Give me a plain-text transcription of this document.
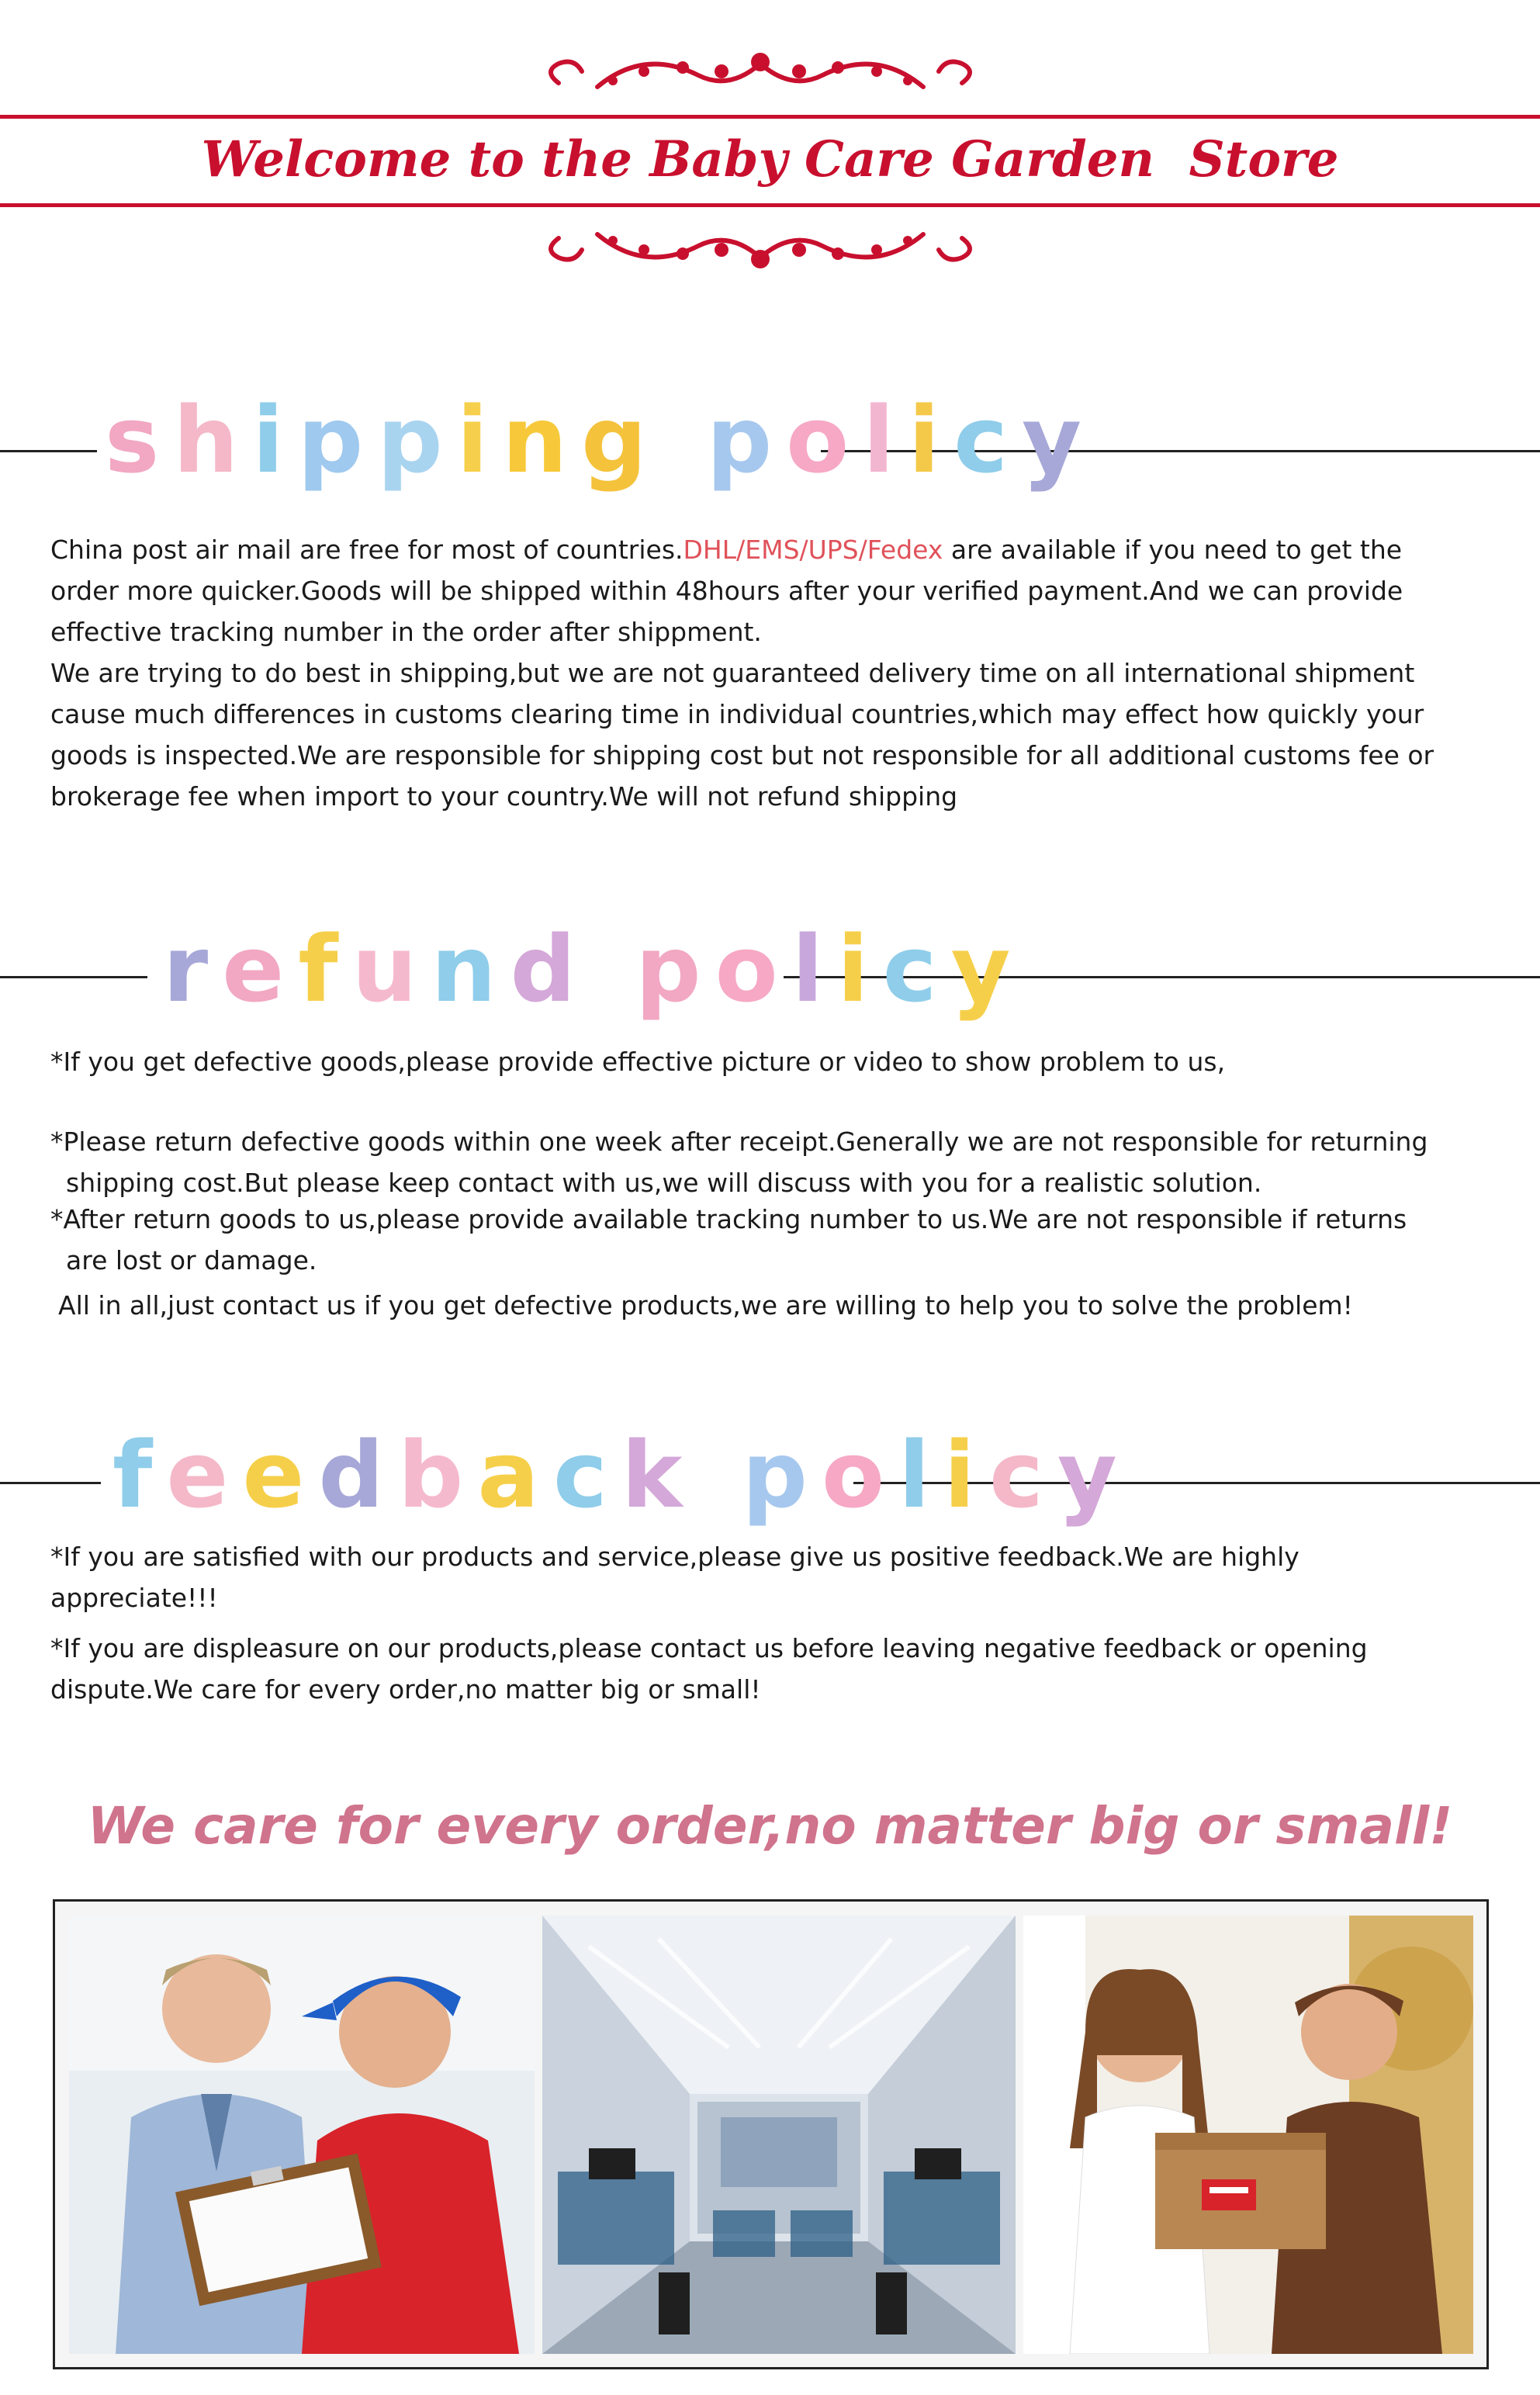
Welcome to the Baby Care Garden  Store
shipping policy
China post air mail are free for most of countries.DHL/EMS/UPS/Fedex are available if you need to get the
order more quicker.Goods will be shipped within 48hours after your verified payment.And we can provide
effective tracking number in the order after shippment.
We are trying to do best in shipping,but we are not guaranteed delivery time on all international shipment
cause much differences in customs clearing time in individual countries,which may effect how quickly your
goods is inspected.We are responsible for shipping cost but not responsible for all additional customs fee or
brokerage fee when import to your country.We will not refund shipping
refund policy
*If you get defective goods,please provide effective picture or video to show problem to us,
*Please return defective goods within one week after receipt.Generally we are not responsible for returning
shipping cost.But please keep contact with us,we will discuss with you for a realistic solution.
*After return goods to us,please provide available tracking number to us.We are not responsible if returns
are lost or damage.
All in all,just contact us if you get defective products,we are willing to help you to solve the problem!
feedback policy
*If you are satisfied with our products and service,please give us positive feedback.We are highly
appreciate!!!
*If you are displeasure on our products,please contact us before leaving negative feedback or opening
dispute.We care for every order,no matter big or small!
We care for every order,no matter big or small!
